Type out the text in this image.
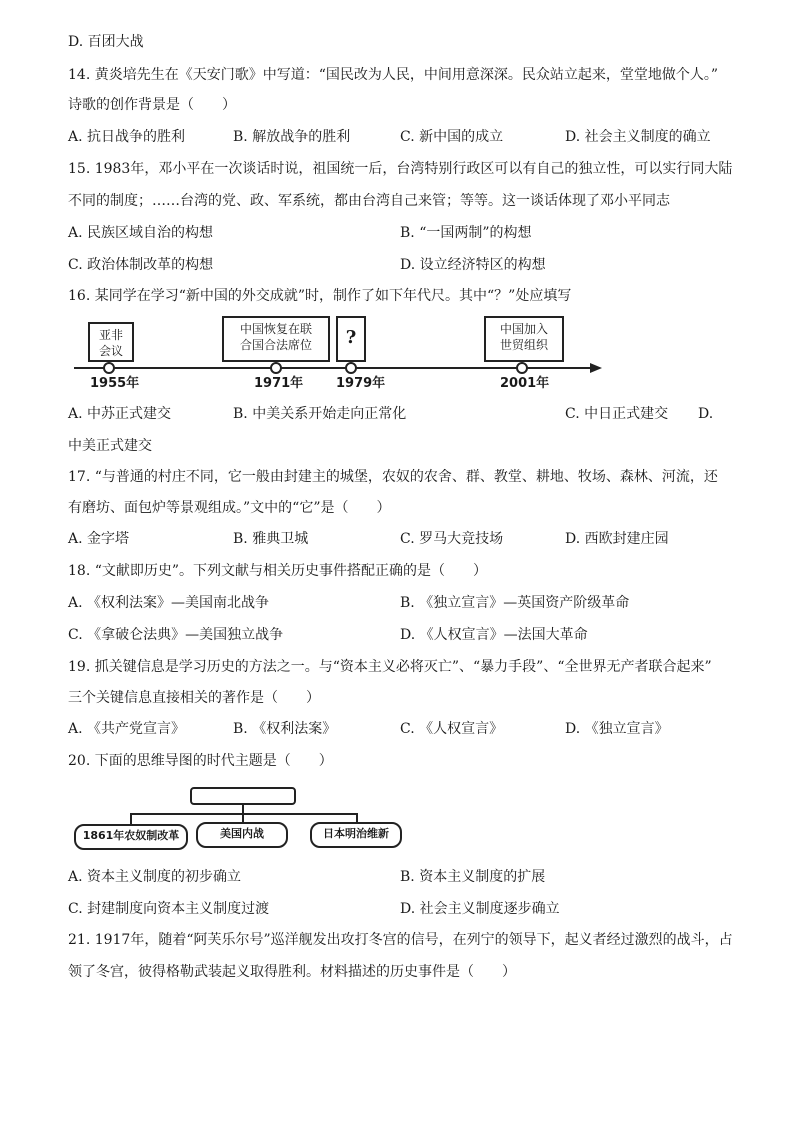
D. 百团大战
14. 黄炎培先生在《天安门歌》中写道：“国民改为人民，中间用意深深。民众站立起来，堂堂地做个人。”
诗歌的创作背景是（　　）
A. 抗日战争的胜利	B. 解放战争的胜利	C. 新中国的成立	D. 社会主义制度的确立
15. 1983年，邓小平在一次谈话时说，祖国统一后，台湾特别行政区可以有自己的独立性，可以实行同大陆
不同的制度；……台湾的党、政、军系统，都由台湾自己来管；等等。这一谈话体现了邓小平同志
A. 民族区域自治的构想	B. “一国两制”的构想
C. 政治体制改革的构想	D. 设立经济特区的构想
16. 某同学在学习“新中国的外交成就”时，制作了如下年代尺。其中“？”处应填写
亚非
会议
中国恢复在联
合国合法席位	?	中国加入
世贸组织
1955年	1971年	1979年	2001年
A. 中苏正式建交	B. 中美关系开始走向正常化	C. 中日正式建交 D.
中美正式建交
17. “与普通的村庄不同，它一般由封建主的城堡，农奴的农舍、群、教堂、耕地、牧场、森林、河流，还
有磨坊、面包炉等景观组成。”文中的“它”是（　　）
A. 金字塔	B. 雅典卫城	C. 罗马大竞技场	D. 西欧封建庄园
18. “文献即历史”。下列文献与相关历史事件搭配正确的是（　　）
A. 《权利法案》—美国南北战争	B. 《独立宣言》—英国资产阶级革命
C. 《拿破仑法典》—美国独立战争	D. 《人权宣言》—法国大革命
19. 抓关键信息是学习历史的方法之一。与“资本主义必将灭亡”、“暴力手段”、“全世界无产者联合起来”
三个关键信息直接相关的著作是（　　）
A. 《共产党宣言》	B. 《权利法案》	C. 《人权宣言》	D. 《独立宣言》
20. 下面的思维导图的时代主题是（　　）
1861年农奴制改革	美国内战	日本明治维新
A. 资本主义制度的初步确立	B. 资本主义制度的扩展
C. 封建制度向资本主义制度过渡	D. 社会主义制度逐步确立
21. 1917年，随着“阿芙乐尔号”巡洋舰发出攻打冬宫的信号，在列宁的领导下，起义者经过激烈的战斗，占
领了冬宫，彼得格勒武装起义取得胜利。材料描述的历史事件是（　　）
